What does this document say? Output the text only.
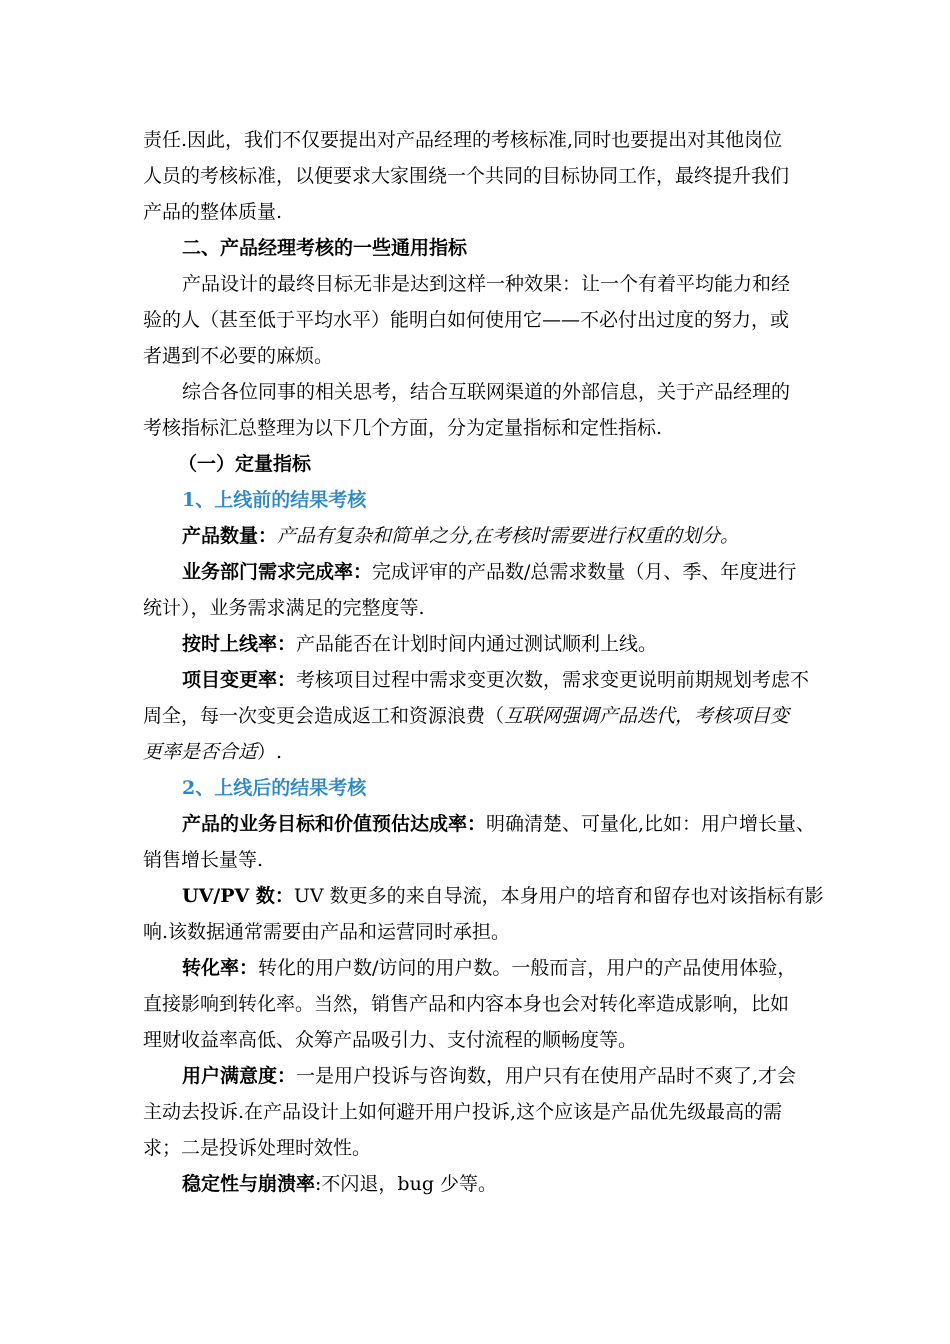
责任.因此，我们不仅要提出对产品经理的考核标准,同时也要提出对其他岗位
人员的考核标准，以便要求大家围绕一个共同的目标协同工作，最终提升我们
产品的整体质量.
二、产品经理考核的一些通用指标
产品设计的最终目标无非是达到这样一种效果：让一个有着平均能力和经
验的人（甚至低于平均水平）能明白如何使用它——不必付出过度的努力，或
者遇到不必要的麻烦。
综合各位同事的相关思考，结合互联网渠道的外部信息，关于产品经理的
考核指标汇总整理为以下几个方面，分为定量指标和定性指标.
（一）定量指标
1、上线前的结果考核
产品数量：产品有复杂和简单之分,在考核时需要进行权重的划分。
业务部门需求完成率：完成评审的产品数/总需求数量（月、季、年度进行
统计），业务需求满足的完整度等.
按时上线率：产品能否在计划时间内通过测试顺利上线。
项目变更率：考核项目过程中需求变更次数，需求变更说明前期规划考虑不
周全，每一次变更会造成返工和资源浪费（互联网强调产品迭代，考核项目变
更率是否合适）.
2、上线后的结果考核
产品的业务目标和价值预估达成率：明确清楚、可量化,比如：用户增长量、
销售增长量等.
UV/PV 数：UV 数更多的来自导流，本身用户的培育和留存也对该指标有影
响.该数据通常需要由产品和运营同时承担。
转化率：转化的用户数/访问的用户数。一般而言，用户的产品使用体验，
直接影响到转化率。当然，销售产品和内容本身也会对转化率造成影响，比如
理财收益率高低、众筹产品吸引力、支付流程的顺畅度等。
用户满意度：一是用户投诉与咨询数，用户只有在使用产品时不爽了,才会
主动去投诉.在产品设计上如何避开用户投诉,这个应该是产品优先级最高的需
求；二是投诉处理时效性。
稳定性与崩溃率:不闪退，bug 少等。
